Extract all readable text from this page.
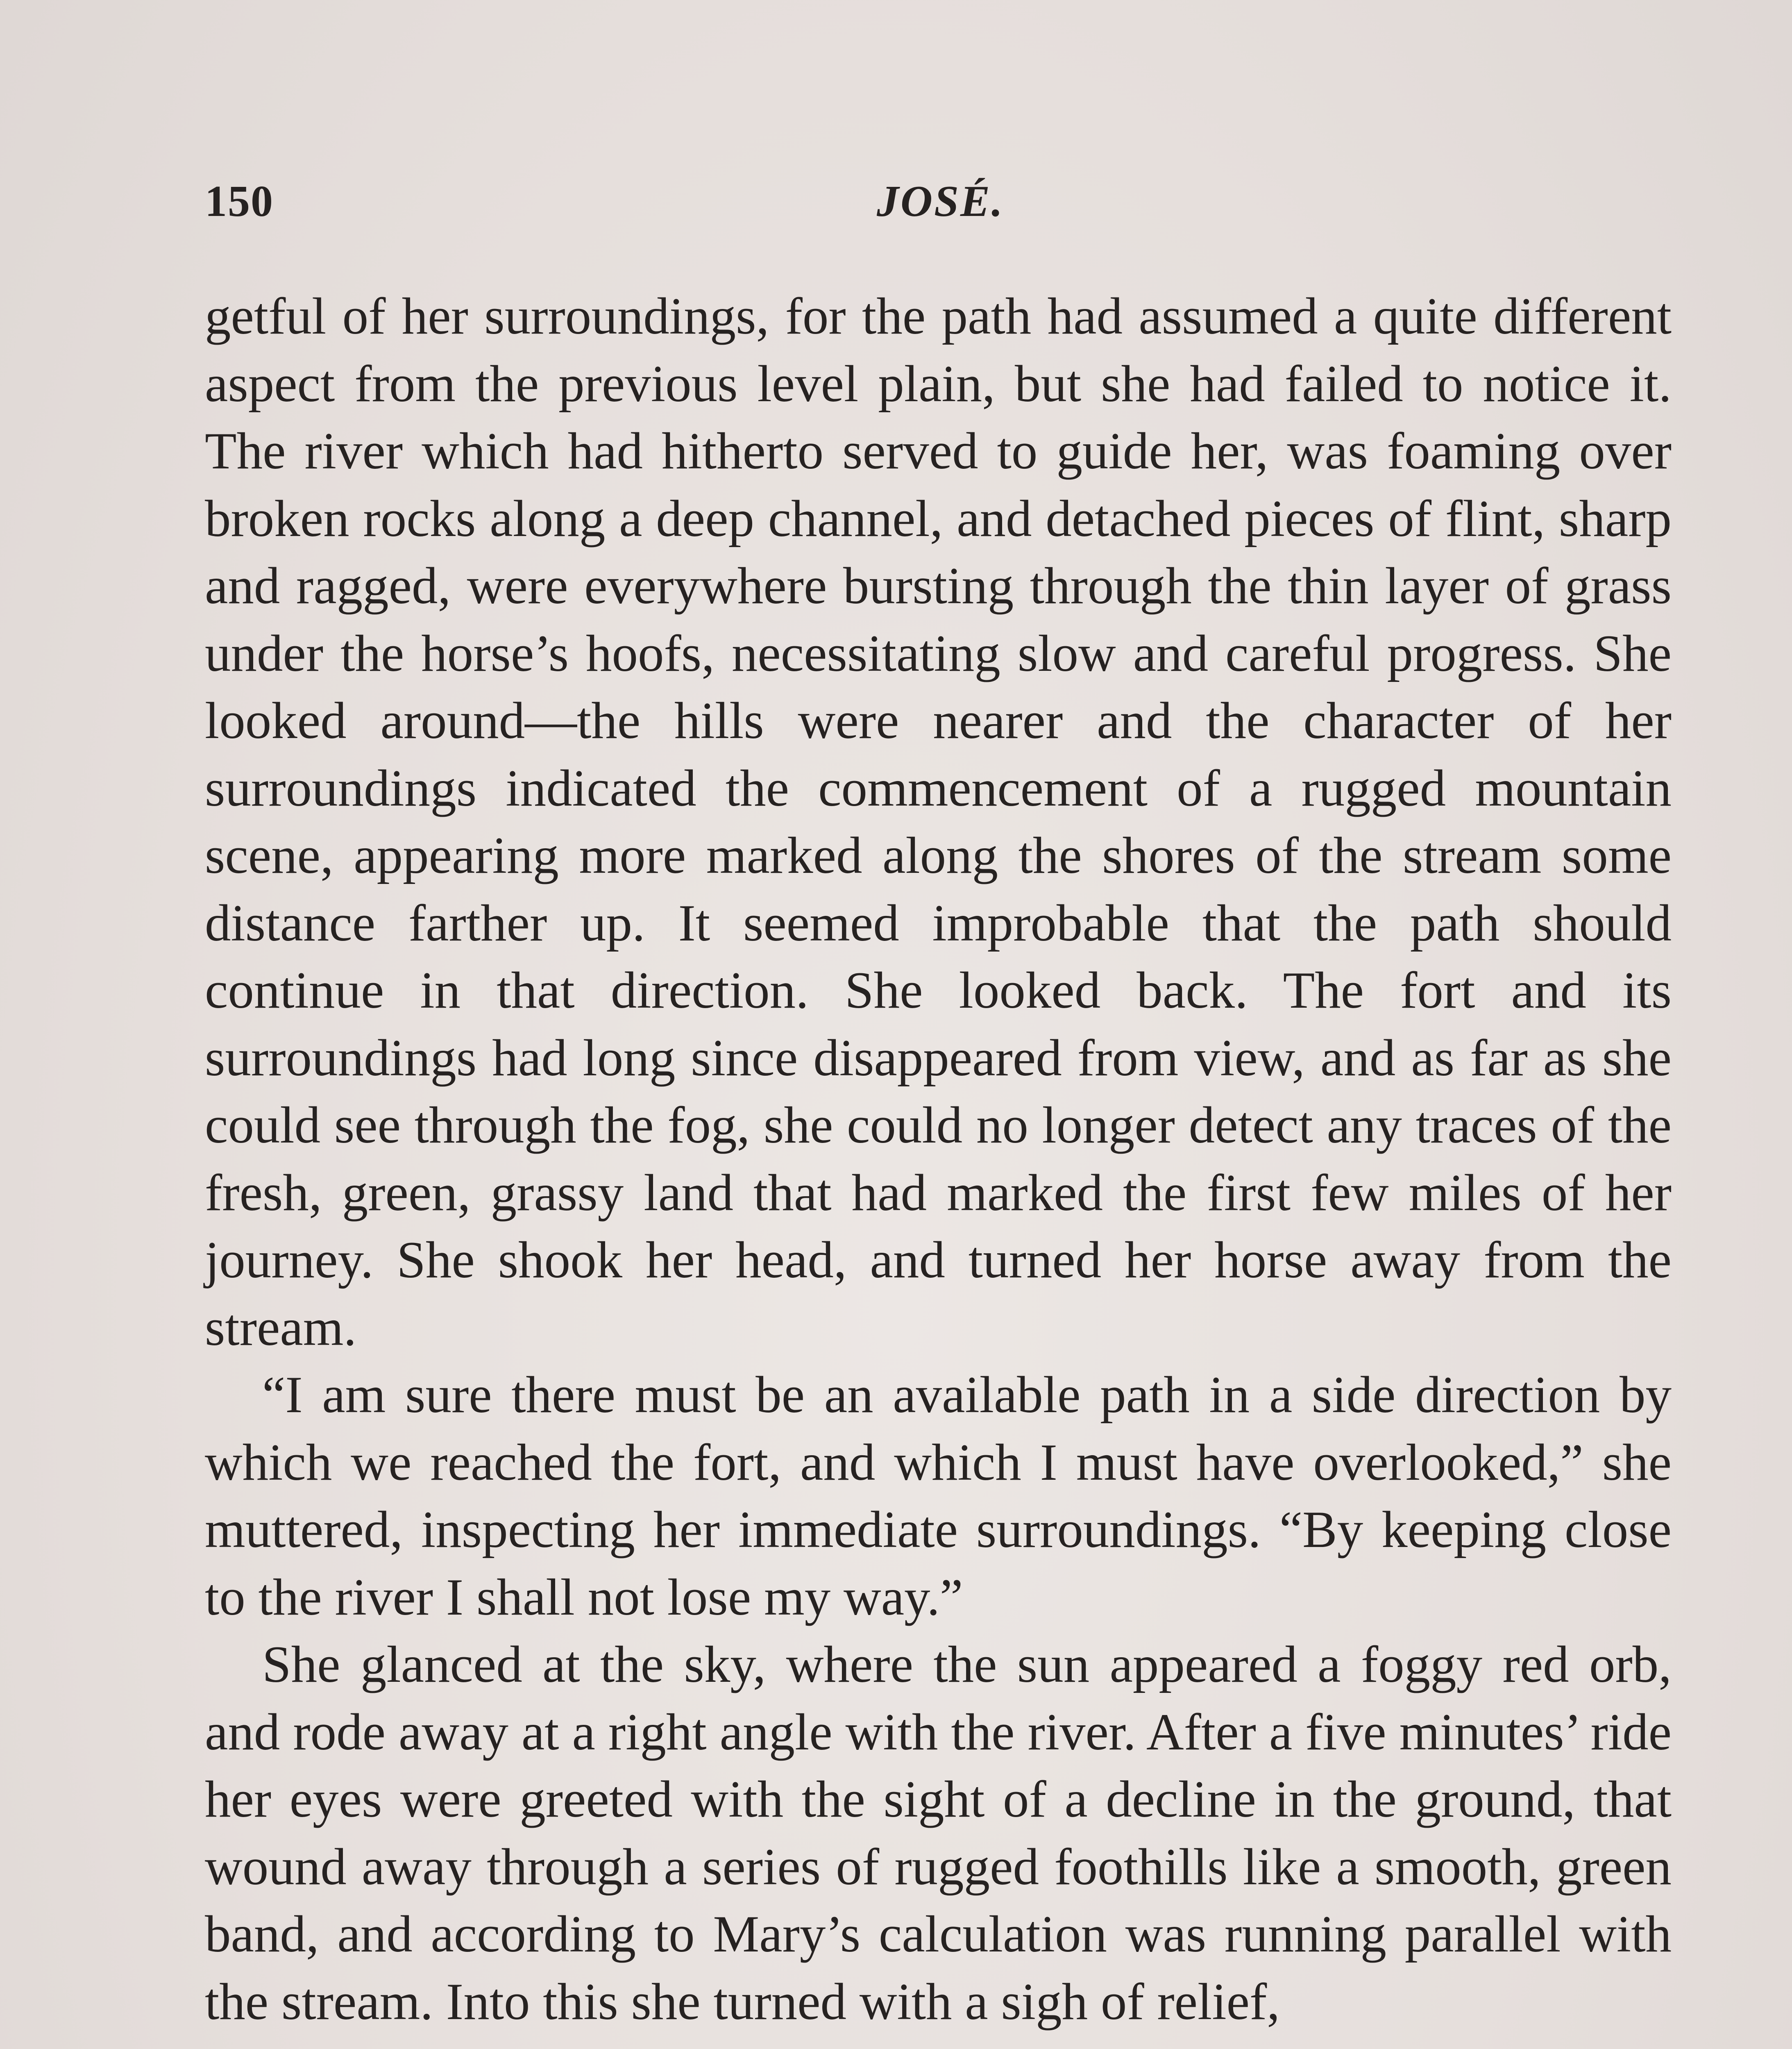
150	JOSÉ.

getful of her surroundings, for the path had assumed a quite different aspect from the previous level plain, but she had failed to notice it. The river which had hitherto served to guide her, was foaming over broken rocks along a deep channel, and detached pieces of flint, sharp and ragged, were everywhere bursting through the thin layer of grass under the horse’s hoofs, necessitating slow and careful progress. She looked around—the hills were nearer and the character of her surroundings indicated the commencement of a rugged mountain scene, appearing more marked along the shores of the stream some distance farther up. It seemed improbable that the path should continue in that direction. She looked back. The fort and its surroundings had long since disappeared from view, and as far as she could see through the fog, she could no longer detect any traces of the fresh, green, grassy land that had marked the first few miles of her journey. She shook her head, and turned her horse away from the stream.

“I am sure there must be an available path in a side direction by which we reached the fort, and which I must have overlooked,” she muttered, inspecting her immediate surroundings. “By keeping close to the river I shall not lose my way.”

She glanced at the sky, where the sun appeared a foggy red orb, and rode away at a right angle with the river. After a five minutes’ ride her eyes were greeted with the sight of a decline in the ground, that wound away through a series of rugged foothills like a smooth, green band, and according to Mary’s calculation was running parallel with the stream. Into this she turned with a sigh of relief,
